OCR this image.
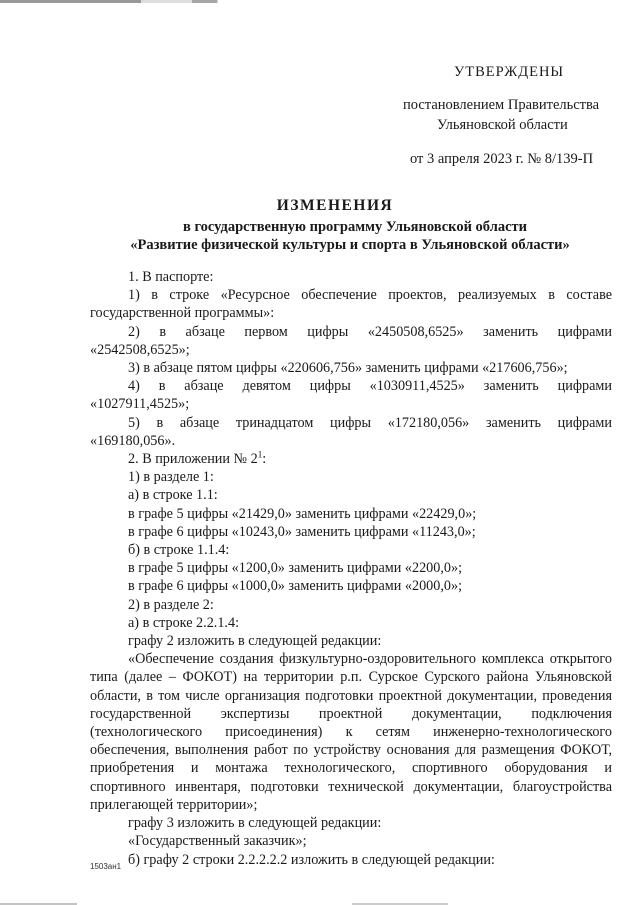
УТВЕРЖДЕНЫ
постановлением Правительства
Ульяновской области
от 3 апреля 2023 г. № 8/139-П
ИЗМЕНЕНИЯ
в государственную программу Ульяновской области
«Развитие физической культуры и спорта в Ульяновской области»

1. В паспорте:

1) в строке «Ресурсное обеспечение проектов, реализуемых в составе

государственной программы»:

2) в абзаце первом цифры «2450508,6525» заменить цифрами

«2542508,6525»;

3) в абзаце пятом цифры «220606,756» заменить цифрами «217606,756»;

4) в абзаце девятом цифры «1030911,4525» заменить цифрами

«1027911,4525»;

5) в абзаце тринадцатом цифры «172180,056» заменить цифрами

«169180,056».

2. В приложении № $2^1$:

1) в разделе 1:

а) в строке 1.1:

в графе 5 цифры «21429,0» заменить цифрами «22429,0»;

в графе 6 цифры «10243,0» заменить цифрами «11243,0»;

б) в строке 1.1.4:

в графе 5 цифры «1200,0» заменить цифрами «2200,0»;

в графе 6 цифры «1000,0» заменить цифрами «2000,0»;

2) в разделе 2:

а) в строке 2.2.1.4:

графу 2 изложить в следующей редакции:

«Обеспечение создания физкультурно-оздоровительного комплекса открытого типа (далее – ФОКОТ) на территории р.п. Сурское Сурского района Ульяновской области, в том числе организация подготовки проектной документации, проведения государственной экспертизы проектной документации, подключения (технологического присоединения) к сетям инженерно-технологического обеспечения, выполнения работ по устройству основания для размещения ФОКОТ, приобретения и монтажа технологического, спортивного оборудования и спортивного инвентаря, подготовки технической документации, благоустройства прилегающей территории»;

графу 3 изложить в следующей редакции:

«Государственный заказчик»;

б) графу 2 строки 2.2.2.2.2 изложить в следующей редакции:

1503ан1
